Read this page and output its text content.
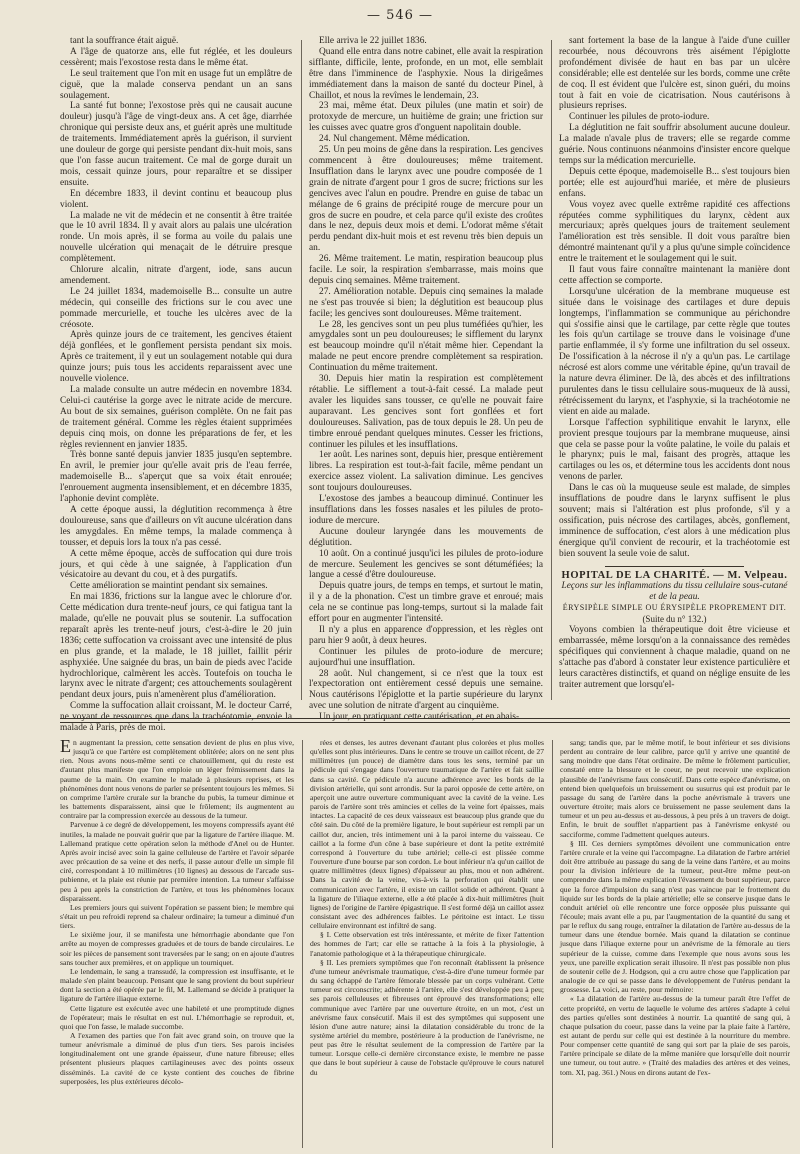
— 546 —

tant la souffrance était aiguë.

A l'âge de quatorze ans, elle fut réglée, et les douleurs cessèrent; mais l'exostose resta dans le même état.

Le seul traitement que l'on mit en usage fut un emplâtre de ciguë, que la malade conserva pendant un an sans soulagement.

La santé fut bonne; l'exostose près qui ne causait aucune douleur) jusqu'à l'âge de vingt-deux ans. A cet âge, diarrhée chronique qui persiste deux ans, et guérit après une multitude de traitements. Immédiatement après la guérison, il survient une douleur de gorge qui persiste pendant dix-huit mois, sans que l'on fasse aucun traitement. Ce mal de gorge durait un mois, cessait quinze jours, pour reparaître et se dissiper ensuite.

En décembre 1833, il devint continu et beaucoup plus violent.

La malade ne vit de médecin et ne consentit à être traitée que le 10 avril 1834. Il y avait alors au palais une ulcération ronde. Un mois après, il se forma au voile du palais une nouvelle ulcération qui menaçait de le détruire presque complètement.

Chlorure alcalin, nitrate d'argent, iode, sans aucun amendement.

Le 24 juillet 1834, mademoiselle B... consulte un autre médecin, qui conseille des frictions sur le cou avec une pommade mercurielle, et touche les ulcères avec de la créosote.

Après quinze jours de ce traitement, les gencives étaient déjà gonflées, et le gonflement persista pendant six mois. Après ce traitement, il y eut un soulagement notable qui dura quinze jours; puis tous les accidents reparaissent avec une nouvelle violence.

La malade consulte un autre médecin en novembre 1834. Celui-ci cautérise la gorge avec le nitrate acide de mercure. Au bout de six semaines, guérison complète. On ne fait pas de traitement général. Comme les règles étaient supprimées depuis cinq mois, on donne les préparations de fer, et les règles reviennent en janvier 1835.

Très bonne santé depuis janvier 1835 jusqu'en septembre. En avril, le premier jour qu'elle avait pris de l'eau ferrée, mademoiselle B... s'aperçut que sa voix était enrouée; l'enrouement augmenta insensiblement, et en décembre 1835, l'aphonie devint complète.

A cette époque aussi, la déglutition recommença à être douloureuse, sans que d'ailleurs on vît aucune ulcération dans les amygdales. En même temps, la malade commença à tousser, et depuis lors la toux n'a pas cessé.

A cette même époque, accès de suffocation qui dure trois jours, et qui cède à une saignée, à l'application d'un vésicatoire au devant du cou, et à des purgatifs.

Cette amélioration se maintint pendant six semaines.

En mai 1836, frictions sur la langue avec le chlorure d'or. Cette médication dura trente-neuf jours, ce qui fatigua tant la malade, qu'elle ne pouvait plus se soutenir. La suffocation reparaît après les trente-neuf jours, c'est-à-dire le 20 juin 1836; cette suffocation va croissant avec une intensité de plus en plus grande, et la malade, le 18 juillet, faillit périr asphyxiée. Une saignée du bras, un bain de pieds avec l'acide hydrochlorique, calmèrent les accès. Toutefois on toucha le larynx avec le nitrate d'argent; ces attouchements soulagèrent pendant deux jours, puis n'amenèrent plus d'amélioration.

Comme la suffocation allait croissant, M. le docteur Carré, ne voyant de ressources que dans la trachéotomie, envoie la malade à Paris, près de moi.

Elle arriva le 22 juillet 1836.

Quand elle entra dans notre cabinet, elle avait la respiration sifflante, difficile, lente, profonde, en un mot, elle semblait être dans l'imminence de l'asphyxie. Nous la dirigeâmes immédiatement dans la maison de santé du docteur Pinel, à Chaillot, et nous la revîmes le lendemain, 23.

23 mai, même état. Deux pilules (une matin et soir) de protoxyde de mercure, un huitième de grain; une friction sur les cuisses avec quatre gros d'onguent napolitain double.

24. Nul changement. Même médication.

25. Un peu moins de gêne dans la respiration. Les gencives commencent à être douloureuses; même traitement. Insufflation dans le larynx avec une poudre composée de 1 grain de nitrate d'argent pour 1 gros de sucre; frictions sur les gencives avec l'alun en poudre. Prendre en guise de tabac un mélange de 6 grains de précipité rouge de mercure pour un gros de sucre en poudre, et cela parce qu'il existe des croûtes dans le nez, depuis deux mois et demi. L'odorat même s'était perdu pendant dix-huit mois et est revenu très bien depuis un an.

26. Même traitement. Le matin, respiration beaucoup plus facile. Le soir, la respiration s'embarrasse, mais moins que depuis cinq semaines. Même traitement.

27. Amélioration notable. Depuis cinq semaines la malade ne s'est pas trouvée si bien; la déglutition est beaucoup plus facile; les gencives sont douloureuses. Même traitement.

Le 28, les gencives sont un peu plus tuméfiées qu'hier, les amygdales sont un peu douloureuses; le sifflement du larynx est beaucoup moindre qu'il n'était même hier. Cependant la malade ne peut encore prendre complètement sa respiration. Continuation du même traitement.

30. Depuis hier matin la respiration est complètement rétablie. Le sifflement a tout-à-fait cessé. La malade peut avaler les liquides sans tousser, ce qu'elle ne pouvait faire auparavant. Les gencives sont fort gonflées et fort douloureuses. Salivation, pas de toux depuis le 28. Un peu de timbre enroué pendant quelques minutes. Cesser les frictions, continuer les pilules et les insufflations.

1er août. Les narines sont, depuis hier, presque entièrement libres. La respiration est tout-à-fait facile, même pendant un exercice assez violent. La salivation diminue. Les gencives sont toujours douloureuses.

L'exostose des jambes a beaucoup diminué. Continuer les insufflations dans les fosses nasales et les pilules de proto-iodure de mercure.

Aucune douleur laryngée dans les mouvements de déglutition.

10 août. On a continué jusqu'ici les pilules de proto-iodure de mercure. Seulement les gencives se sont détuméfiées; la langue a cessé d'être douloureuse.

Depuis quatre jours, de temps en temps, et surtout le matin, il y a de la phonation. C'est un timbre grave et enroué; mais cela ne se continue pas long-temps, surtout si la malade fait effort pour en augmenter l'intensité.

Il n'y a plus en apparence d'oppression, et les règles ont paru hier 9 août, à deux heures.

Continuer les pilules de proto-iodure de mercure; aujourd'hui une insufflation.

28 août. Nul changement, si ce n'est que la toux est l'expectoration ont entièrement cessé depuis une semaine. Nous cautérisons l'épiglotte et la partie supérieure du larynx avec une solution de nitrate d'argent au cinquième.

Un jour, en pratiquant cette cautérisation, et en abais-

sant fortement la base de la langue à l'aide d'une cuiller recourbée, nous découvrons très aisément l'épiglotte profondément divisée de haut en bas par un ulcère considérable; elle est dentelée sur les bords, comme une crête de coq. Il est évident que l'ulcère est, sinon guéri, du moins tout à fait en voie de cicatrisation. Nous cautérisons à plusieurs reprises.

Continuer les pilules de proto-iodure.

La déglutition ne fait souffrir absolument aucune douleur. La malade n'avale plus de travers; elle se regarde comme guérie. Nous continuons néanmoins d'insister encore quelque temps sur la médication mercurielle.

Depuis cette époque, mademoiselle B... s'est toujours bien portée; elle est aujourd'hui mariée, et mère de plusieurs enfans.

Vous voyez avec quelle extrême rapidité ces affections réputées comme syphilitiques du larynx, cèdent aux mercuriaux; après quelques jours de traitement seulement l'amélioration est très sensible. Il doit vous paraître bien démontré maintenant qu'il y a plus qu'une simple coïncidence entre le traitement et le soulagement qui le suit.

Il faut vous faire connaître maintenant la manière dont cette affection se comporte.

Lorsqu'une ulcération de la membrane muqueuse est située dans le voisinage des cartilages et dure depuis longtemps, l'inflammation se communique au périchondre qui s'ossifie ainsi que le cartilage, par cette règle que toutes les fois qu'un cartilage se trouve dans le voisinage d'une partie enflammée, il s'y forme une infiltration du sel osseux. De l'ossification à la nécrose il n'y a qu'un pas. Le cartilage nécrosé est alors comme une véritable épine, qu'un travail de la nature devra éliminer. De là, des abcès et des infiltrations purulentes dans le tissu cellulaire sous-muqueux de là aussi, rétrécissement du larynx, et l'asphyxie, si la trachéotomie ne vient en aide au malade.

Lorsque l'affection syphilitique envahit le larynx, elle provient presque toujours par la membrane muqueuse, ainsi que cela se passe pour la voûte palatine, le voile du palais et le pharynx; puis le mal, faisant des progrès, attaque les cartilages ou les os, et détermine tous les accidents dont nous venons de parler.

Dans le cas où la muqueuse seule est malade, de simples insufflations de poudre dans le larynx suffisent le plus souvent; mais si l'altération est plus profonde, s'il y a ossification, puis nécrose des cartilages, abcès, gonflement, imminence de suffocation, c'est alors à une médication plus énergique qu'il convient de recourir, et la trachéotomie est bien souvent la seule voie de salut.

HOPITAL DE LA CHARITÉ. — M. Velpeau.

Leçons sur les inflammations du tissu cellulaire sous-cutané et de la peau.

ÉRYSIPÈLE SIMPLE OU ÉRYSIPÈLE PROPREMENT DIT.

(Suite du n° 132.)

Voyons combien la thérapeutique doit être vicieuse et embarrassée, même lorsqu'on a la connaissance des remèdes spécifiques qui conviennent à chaque maladie, quand on ne s'attache pas d'abord à constater leur existence particulière et leurs caractères distinctifs, et quand on néglige ensuite de les traiter autrement que lorsqu'el-

En augmentant la pression, cette sensation devient de plus en plus vive, jusqu'à ce que l'artère est complètement oblitérée; alors on ne sent plus rien. Nous avons nous-même senti ce chatouillement, qui du reste est d'autant plus manifeste que l'on emploie un léger frémissement dans la paume de la main. On examine le malade à plusieurs reprises, et les phénomènes dont nous venons de parler se présentent toujours les mêmes. Si on comprime l'artère crurale sur la branche du pubis, la tumeur diminue et les battements disparaissent, ainsi que le frôlement; ils augmentent au contraire par la compression exercée au dessous de la tumeur.

Parvenue à ce degré de développement, les moyens compressifs ayant été inutiles, la malade ne pouvait guérir que par la ligature de l'artère iliaque. M. Lallemand pratique cette opération selon la méthode d'Anel ou de Hunter. Après avoir incisé avec soin la gaine celluleuse de l'artère et l'avoir séparée avec précaution de sa veine et des nerfs, il passe autour d'elle un simple fil ciré, correspondant à 10 millimètres (10 lignes) au dessous de l'arcade sus-pubienne, et la plaie est réunie par première intention. La tumeur s'affaisse peu à peu après la constriction de l'artère, et tous les phénomènes locaux disparaissent.

Les premiers jours qui suivent l'opération se passent bien; le membre qui s'était un peu refroidi reprend sa chaleur ordinaire; la tumeur a diminué d'un tiers.

Le sixième jour, il se manifesta une hémorrhagie abondante que l'on arrête au moyen de compresses graduées et de tours de bande circulaires. Le soir les pièces de pansement sont traversées par le sang; on en ajoute d'autres sans toucher aux premières, et on applique un tourniquet.

Le lendemain, le sang a transsudé, la compression est insuffisante, et le malade s'en plaint beaucoup. Pensant que le sang provient du bout supérieur dont la section a été opérée par le fil, M. Lallemand se décide à pratiquer la ligature de l'artère iliaque externe.

Cette ligature est exécutée avec une habileté et une promptitude dignes de l'opérateur; mais le résultat en est nul. L'hémorrhagie se reproduit, et, quoi que l'on fasse, le malade succombe.

A l'examen des parties que l'on fait avec grand soin, on trouve que la tumeur anévrismale a diminué de plus d'un tiers. Ses parois incisées longitudinalement ont une grande épaisseur, d'une nature fibreuse; elles présentent plusieurs plaques cartilagineuses avec des points osseux disséminés. La cavité de ce kyste contient des couches de fibrine superposées, les plus extérieures décolo-

rées et denses, les autres devenant d'autant plus colorées et plus molles qu'elles sont plus intérieures. Dans le centre se trouve un caillot récent, de 27 millimètres (un pouce) de diamètre dans tous les sens, terminé par un pédicule qui s'engage dans l'ouverture traumatique de l'artère et fait saillie dans sa cavité. Ce pédicule n'a aucune adhérence avec les bords de la division artérielle, qui sont arrondis. Sur la paroi opposée de cette artère, on aperçoit une autre ouverture communiquant avec la cavité de la veine. Les parois de l'artère sont très amincies et celles de la veine fort épaisses, mais intactes. La capacité de ces deux vaisseaux est beaucoup plus grande que du côté sain. Du côté de la première ligature, le bout supérieur est rempli par un caillot dur, ancien, très intimement uni à la paroi interne du vaisseau. Ce caillot a la forme d'un cône à base supérieure et dont la petite extrémité correspond à l'ouverture du tube artériel; celle-ci est plissée comme l'ouverture d'une bourse par son cordon. Le bout inférieur n'a qu'un caillot de quatre millimètres (deux lignes) d'épaisseur au plus, mou et non adhérent. Dans la cavité de la veine, vis-à-vis la perforation qui établit une communication avec l'artère, il existe un caillot solide et adhérent. Quant à la ligature de l'iliaque externe, elle a été placée à dix-huit millimètres (huit lignes) de l'origine de l'artère épigastrique. Il s'est formé déjà un caillot assez consistant avec des adhérences faibles. Le péritoine est intact. Le tissu cellulaire environnant est infiltré de sang.

§ I. Cette observation est très intéressante, et mérite de fixer l'attention des hommes de l'art; car elle se rattache à la fois à la physiologie, à l'anatomie pathologique et à la thérapeutique chirurgicale.

§ II. Les premiers symptômes que l'on reconnaît établissent la présence d'une tumeur anévrismale traumatique, c'est-à-dire d'une tumeur formée par du sang échappé de l'artère fémorale blessée par un corps vulnérant. Cette tumeur est circonscrite; adhérente à l'artère, elle s'est développée peu à peu; ses parois celluleuses et fibreuses ont éprouvé des transformations; elle communique avec l'artère par une ouverture étroite, en un mot, c'est un anévrisme faux consécutif. Mais il est des symptômes qui supposent une lésion d'une autre nature; ainsi la dilatation considérable du tronc de la système artériel du membre, postérieure à la production de l'anévrisme, ne peut pas être le résultat seulement de la compression de l'artère par la tumeur. Lorsque celle-ci dernière circonstance existe, le membre ne passe que dans le bout supérieur à cause de l'obstacle qu'éprouve le cours naturel du

sang; tandis que, par le même motif, le bout inférieur et ses divisions perdent au contraire de leur calibre, parce qu'il y arrive une quantité de sang moindre que dans l'état ordinaire. De même le frôlement particulier, constaté entre la blessure et le coeur, ne peut recevoir une explication plausible de l'anévrisme faux consécutif. Dans cette espèce d'anévrisme, on entend bien quelquefois un bruissement ou susurrus qui est produit par le passage du sang de l'artère dans la poche anévrismale à travers une ouverture étroite; mais alors ce bruissement ne passe seulement dans la tumeur et un peu au-dessus et au-dessous, à peu près à un travers de doigt. Enfin, le bruit de soufflet n'appartient pas à l'anévrisme enkysté ou sacciforme, comme l'admettent quelques auteurs.

§ III. Ces derniers symptômes dévoilent une communication entre l'artère crurale et la veine qui l'accompagne. La dilatation de l'arbre artériel doit être attribuée au passage du sang de la veine dans l'artère, et au moins pour la division inférieure de la tumeur, peut-être même peut-on comprendre dans la même explication l'évasement du bout supérieur, parce que la force d'impulsion du sang n'est pas vaincue par le frottement du liquide sur les bords de la plaie artérielle; elle se conserve jusque dans le conduit artériel où elle rencontre une force opposée plus puissante qui l'écoule; mais avant elle a pu, par l'augmentation de la quantité du sang et par le reflux du sang rouge, entraîner la dilatation de l'artère au-dessus de la tumeur dans une étendue bornée. Mais quand la dilatation se continue jusque dans l'iliaque externe pour un anévrisme de la fémorale au tiers supérieur de la cuisse, comme dans l'exemple que nous avons sous les yeux, une pareille explication serait illusoire. Il n'est pas possible non plus de soutenir celle de J. Hodgson, qui a cru autre chose que l'application par analogie de ce qui se passe dans le développement de l'utérus pendant la grossesse. La voici, au reste, pour mémoire:

« La dilatation de l'artère au-dessus de la tumeur paraît être l'effet de cette propriété, en vertu de laquelle le volume des artères s'adapte à celui des parties qu'elles sont destinées à nourrir. La quantité de sang qui, à chaque pulsation du coeur, passe dans la veine par la plaie faite à l'artère, est autant de perdu sur celle qui est destinée à la nourriture du membre. Pour compenser cette quantité de sang qui sort par la plaie de ses parois, l'artère principale se dilate de la même manière que lorsqu'elle doit nourrir une tumeur, ou tout autre. » (Traité des maladies des artères et des veines, tom. XI, pag. 361.) Nous en dirons autant de l'ex-
